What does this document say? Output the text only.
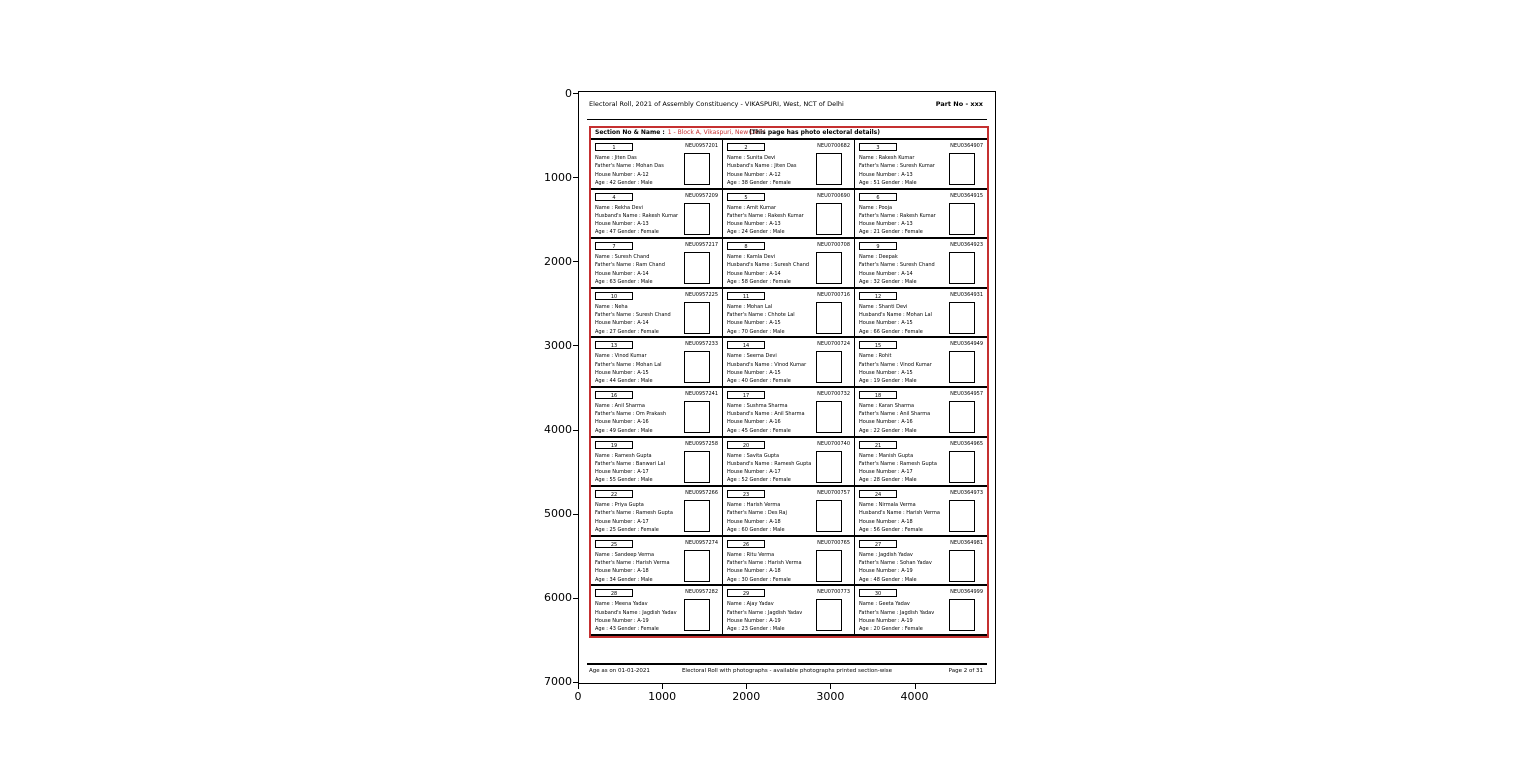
Electoral Roll, 2021 of Assembly Constituency - VIKASPURI, West, NCT of Delhi	Part No - xxx
Section No & Name : 1 - Block A, Vikaspuri, New Delhi
(This page has photo electoral details)
1	NEU0957201
Name : Jiten Das
Father's Name : Mohan Das
House Number : A-12
Age : 42 Gender : Male
2	NEU0700682
Name : Sunita Devi
Husband's Name : Jiten Das
House Number : A-12
Age : 38 Gender : Female
3	NEU0364907
Name : Rakesh Kumar
Father's Name : Suresh Kumar
House Number : A-13
Age : 51 Gender : Male
4	NEU0957209
Name : Rekha Devi
Husband's Name : Rakesh Kumar
House Number : A-13
Age : 47 Gender : Female
5	NEU0700690
Name : Amit Kumar
Father's Name : Rakesh Kumar
House Number : A-13
Age : 24 Gender : Male
6	NEU0364915
Name : Pooja
Father's Name : Rakesh Kumar
House Number : A-13
Age : 21 Gender : Female
7	NEU0957217
Name : Suresh Chand
Father's Name : Ram Chand
House Number : A-14
Age : 63 Gender : Male
8	NEU0700708
Name : Kamla Devi
Husband's Name : Suresh Chand
House Number : A-14
Age : 58 Gender : Female
9	NEU0364923
Name : Deepak
Father's Name : Suresh Chand
House Number : A-14
Age : 32 Gender : Male
10	NEU0957225
Name : Neha
Father's Name : Suresh Chand
House Number : A-14
Age : 27 Gender : Female
11	NEU0700716
Name : Mohan Lal
Father's Name : Chhote Lal
House Number : A-15
Age : 70 Gender : Male
12	NEU0364931
Name : Shanti Devi
Husband's Name : Mohan Lal
House Number : A-15
Age : 66 Gender : Female
13	NEU0957233
Name : Vinod Kumar
Father's Name : Mohan Lal
House Number : A-15
Age : 44 Gender : Male
14	NEU0700724
Name : Seema Devi
Husband's Name : Vinod Kumar
House Number : A-15
Age : 40 Gender : Female
15	NEU0364949
Name : Rohit
Father's Name : Vinod Kumar
House Number : A-15
Age : 19 Gender : Male
16	NEU0957241
Name : Anil Sharma
Father's Name : Om Prakash
House Number : A-16
Age : 49 Gender : Male
17	NEU0700732
Name : Sushma Sharma
Husband's Name : Anil Sharma
House Number : A-16
Age : 45 Gender : Female
18	NEU0364957
Name : Karan Sharma
Father's Name : Anil Sharma
House Number : A-16
Age : 22 Gender : Male
19	NEU0957258
Name : Ramesh Gupta
Father's Name : Banwari Lal
House Number : A-17
Age : 55 Gender : Male
20	NEU0700740
Name : Savita Gupta
Husband's Name : Ramesh Gupta
House Number : A-17
Age : 52 Gender : Female
21	NEU0364965
Name : Manish Gupta
Father's Name : Ramesh Gupta
House Number : A-17
Age : 28 Gender : Male
22	NEU0957266
Name : Priya Gupta
Father's Name : Ramesh Gupta
House Number : A-17
Age : 25 Gender : Female
23	NEU0700757
Name : Harish Verma
Father's Name : Des Raj
House Number : A-18
Age : 60 Gender : Male
24	NEU0364973
Name : Nirmala Verma
Husband's Name : Harish Verma
House Number : A-18
Age : 56 Gender : Female
25	NEU0957274
Name : Sandeep Verma
Father's Name : Harish Verma
House Number : A-18
Age : 34 Gender : Male
26	NEU0700765
Name : Ritu Verma
Father's Name : Harish Verma
House Number : A-18
Age : 30 Gender : Female
27	NEU0364981
Name : Jagdish Yadav
Father's Name : Sohan Yadav
House Number : A-19
Age : 48 Gender : Male
28	NEU0957282
Name : Meena Yadav
Husband's Name : Jagdish Yadav
House Number : A-19
Age : 43 Gender : Female
29	NEU0700773
Name : Ajay Yadav
Father's Name : Jagdish Yadav
House Number : A-19
Age : 23 Gender : Male
30	NEU0364999
Name : Geeta Yadav
Father's Name : Jagdish Yadav
House Number : A-19
Age : 20 Gender : Female
Age as on 01-01-2021	Electoral Roll with photographs - available photographs printed section-wise	Page 2 of 31
0
1000
2000
3000
4000
5000
6000
7000
0	1000	2000	3000	4000
